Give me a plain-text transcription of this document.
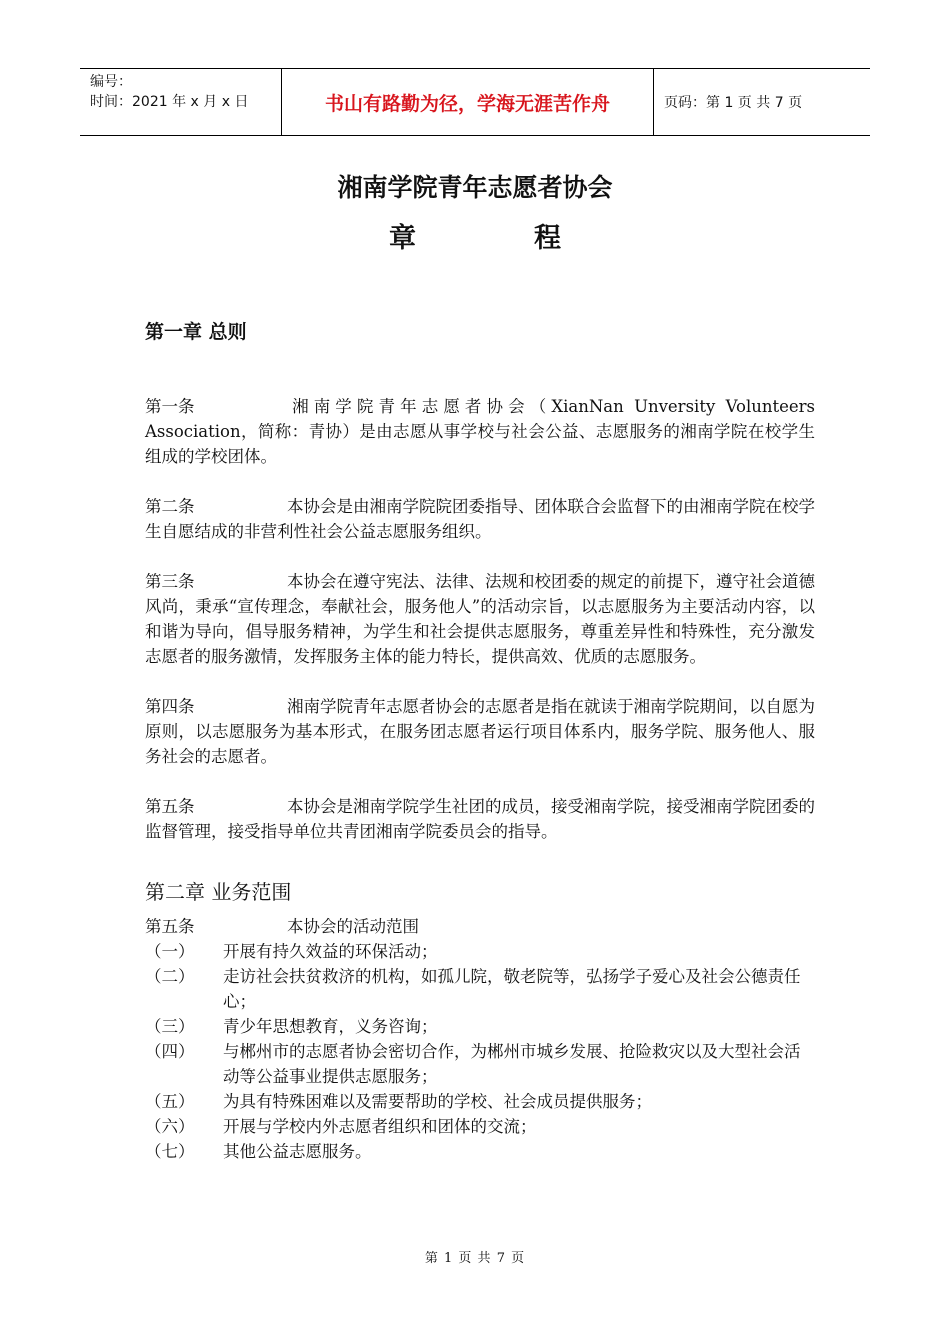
编号：
时间：2021 年 x 月 x 日	书山有路勤为径，学海无涯苦作舟	页码：第 1 页 共 7 页
湘南学院青年志愿者协会
章	程
第一章 总则
第一条	湘南学院青年志愿者协会（XianNan Unversity Volunteers Association，简称：青协）是由志愿从事学校与社会公益、志愿服务的湘南学院在校学生组成的学校团体。
第二条	本协会是由湘南学院院团委指导、团体联合会监督下的由湘南学院在校学生自愿结成的非营利性社会公益志愿服务组织。
第三条	本协会在遵守宪法、法律、法规和校团委的规定的前提下，遵守社会道德风尚，秉承“宣传理念，奉献社会，服务他人”的活动宗旨，以志愿服务为主要活动内容，以和谐为导向，倡导服务精神，为学生和社会提供志愿服务，尊重差异性和特殊性，充分激发志愿者的服务激情，发挥服务主体的能力特长，提供高效、优质的志愿服务。
第四条	湘南学院青年志愿者协会的志愿者是指在就读于湘南学院期间，以自愿为原则，以志愿服务为基本形式，在服务团志愿者运行项目体系内，服务学院、服务他人、服务社会的志愿者。
第五条	本协会是湘南学院学生社团的成员，接受湘南学院，接受湘南学院团委的监督管理，接受指导单位共青团湘南学院委员会的指导。
第二章 业务范围
第五条	本协会的活动范围
（一）	开展有持久效益的环保活动；
（二）	走访社会扶贫救济的机构，如孤儿院，敬老院等，弘扬学子爱心及社会公德责任心；
（三）	青少年思想教育，义务咨询；
（四）	与郴州市的志愿者协会密切合作，为郴州市城乡发展、抢险救灾以及大型社会活动等公益事业提供志愿服务；
（五）	为具有特殊困难以及需要帮助的学校、社会成员提供服务；
（六）	开展与学校内外志愿者组织和团体的交流；
（七）	其他公益志愿服务。
第 1 页 共 7 页
